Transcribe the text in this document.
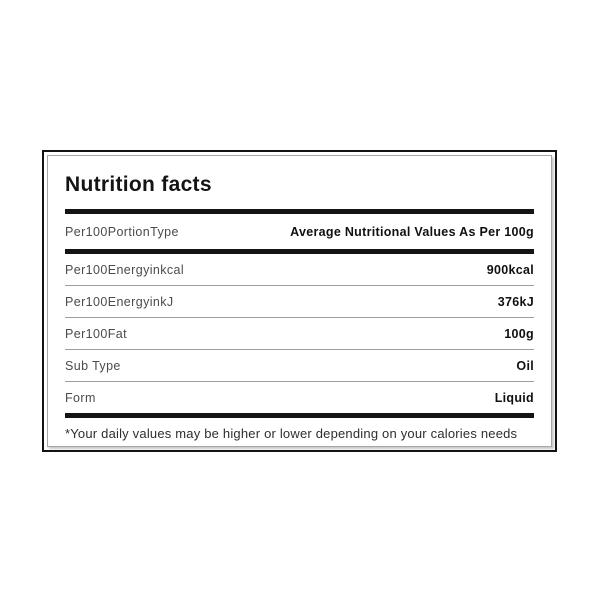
Nutrition facts
Per100PortionType	Average Nutritional Values As Per 100g
Per100Energyinkcal	900kcal
Per100EnergyinkJ	376kJ
Per100Fat	100g
Sub Type	Oil
Form	Liquid

*Your daily values may be higher or lower depending on your calories needs
